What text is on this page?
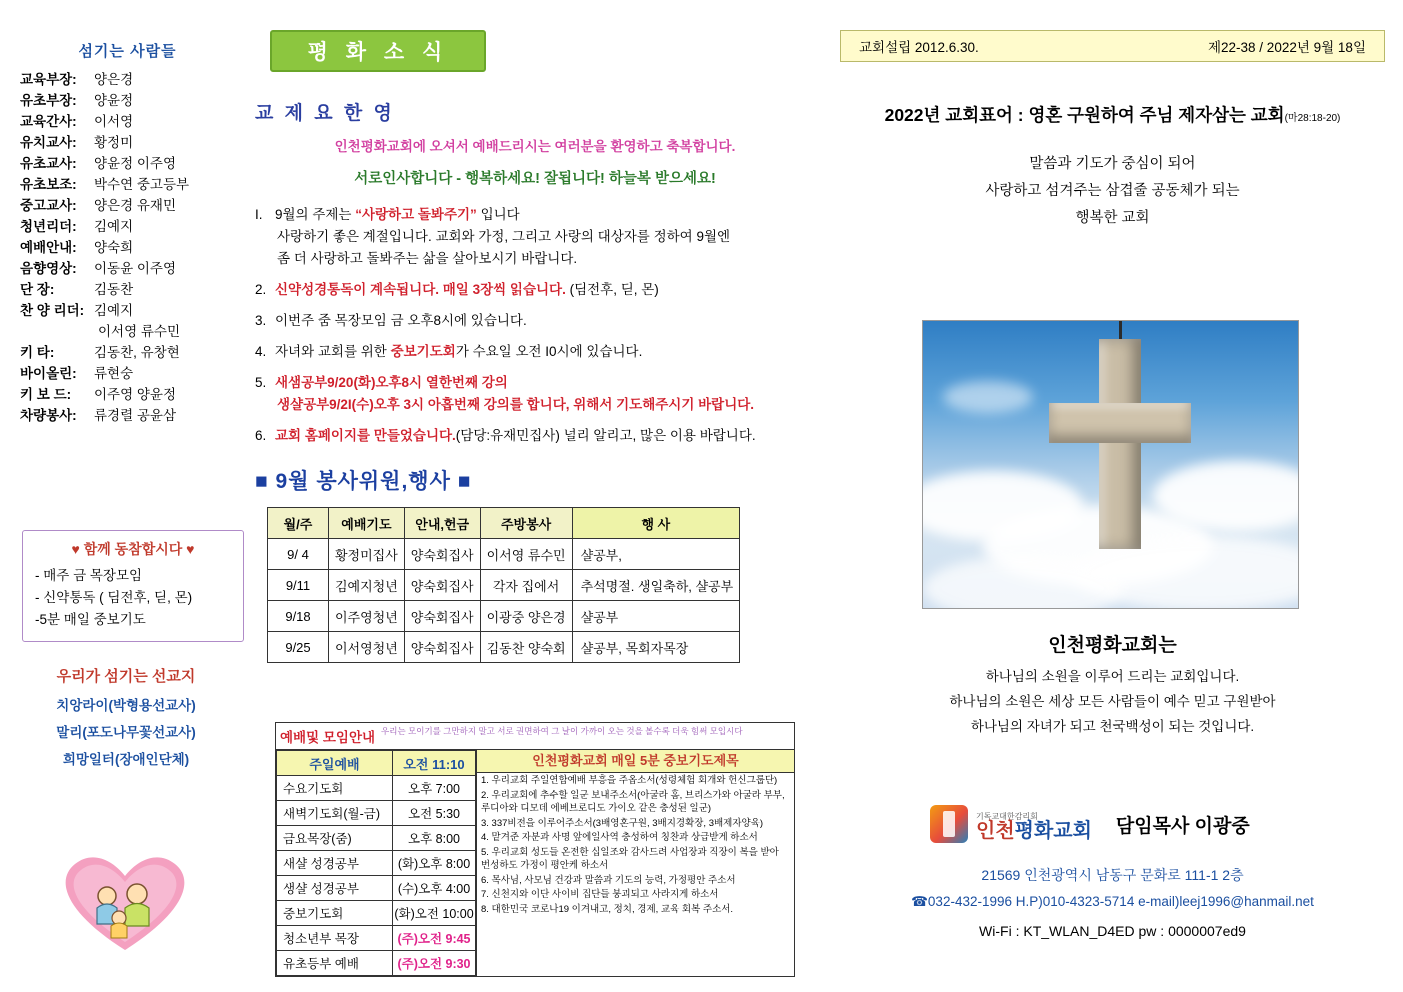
섬기는 사람들
교육부장: 양은경
유초부장: 양윤정
교육간사: 이서영
유치교사: 황정미
유초교사: 양윤정 이주영
유초보조: 박수연 중고등부
중고교사: 양은경 유재민
청년리더: 김예지
예배안내: 양숙희
음향영상: 이동윤 이주영
단 장:	김동찬
찬 양 리더: 김예지
이서영 류수민
키 타:	김동찬, 유창현
바이올린: 류현숭
키 보 드: 이주영 양윤정
차량봉사: 류경렬 공윤삼
♥ 함께 동참합시다 ♥
- 매주 금 목장모임
- 신약통독 ( 딤전후, 딛, 몬)
-5분 매일 중보기도
우리가 섬기는 선교지
치앙라이(박형용선교사)
말리(포도나무꽃선교사)
희망일터(장애인단체)
평 화 소 식
교 제 요 한 영
인천평화교회에 오셔서 예배드리시는 여러분을 환영하고 축복합니다.
서로인사합니다 - 행복하세요! 잘됩니다! 하늘복 받으세요!
I. 9월의 주제는 “사랑하고 돌봐주기” 입니다
사랑하기 좋은 계절입니다. 교회와 가정, 그리고 사랑의 대상자를 정하여 9월엔
좀 더 사랑하고 돌봐주는 삶을 살아보시기 바랍니다.
2. 신약성경통독이 계속됩니다. 매일 3장씩 읽습니다. (딤전후, 딛, 몬)
3. 이번주 줌 목장모임 금 오후8시에 있습니다.
4. 자녀와 교회를 위한 중보기도회가 수요일 오전 I0시에 있습니다.
5. 새샘공부9/20(화)오후8시 열한번째 강의
생샬공부9/2I(수)오후 3시 아홉번째 강의를 합니다, 위해서 기도해주시기 바랍니다.
6. 교회 홈페이지를 만들었습니다.(담당:유재민집사) 널리 알리고, 많은 이용 바랍니다.
■ 9월 봉사위원,행사 ■
월/주	예배기도	안내,헌금	주방봉사	행 사
9/ 4	황정미집사	양숙회집사	이서영 류수민	샬공부,
9/11	김예지청년	양숙회집사	각자 집에서	추석명절. 생일축하, 샬공부
9/18	이주영청년	양숙회집사	이광중 양은경	샬공부
9/25	이서영청년	양숙회집사	김동찬 양숙회	샬공부, 목회자목장
예배및 모임안내 우리는 모이기를 그만하지 말고 서로 권면하여 그 날이 가까이 오는 것을 볼수록 더욱 힘써 모입시다
주일예배	오전 11:10
수요기도회	오후 7:00
새벽기도회(월-금)	오전 5:30
금요목장(줌)	오후 8:00
새샬 성경공부	(화)오후 8:00
생샬 성경공부	(수)오후 4:00
중보기도회	(화)오전 10:00
청소년부 목장	(주)오전 9:45
유초등부 예배	(주)오전 9:30
인천평화교회 매일 5분 중보기도제목
1. 우리교회 주일연합예배 부흥을 주옵소서(성령체험 회개와 헌신그룹단)
2. 우리교회에 추수할 일군 보내주소서(아굴라 홈, 브리스가와 아굴라 부부, 루디아와 디모데 에베브로디도 가이오 같은 충성된 일군)
3. 337비전을 이루어주소서(3배영혼구원, 3배지경확장, 3배제자양육)
4. 맡겨준 자분과 사명 앞에일사역 충성하여 칭찬과 상급받게 하소서
5. 우리교회 성도들 온전한 십일조와 감사드려 사업장과 직장이 복을 받아 번성하도 가정이 평안케 하소서
6. 목사님, 사모님 건강과 말씀과 기도의 능력, 가정평안 주소서
7. 신천지와 이단 사이비 집단들 붕괴되고 사라지게 하소서
8. 대한민국 코로나19 이겨내고, 정치, 경제, 교육 회복 주소서.
교회설립 2012.6.30.	제22-38 / 2022년 9월 18일
2022년 교회표어 : 영혼 구원하여 주님 제자삼는 교회(마28:18-20)
말씀과 기도가 중심이 되어
사랑하고 섬겨주는 삼겹줄 공동체가 되는
행복한 교회
인천평화교회는
하나님의 소원을 이루어 드리는 교회입니다.
하나님의 소원은 세상 모든 사람들이 예수 믿고 구원받아
하나님의 자녀가 되고 천국백성이 되는 것입니다.
기독교대한감리회
인천평화교회 담임목사 이광중
21569 인천광역시 남동구 문화로 111-1 2층
☎032-432-1996 H.P)010-4323-5714 e-mail)leej1996@hanmail.net
Wi-Fi : KT_WLAN_D4ED pw : 0000007ed9
